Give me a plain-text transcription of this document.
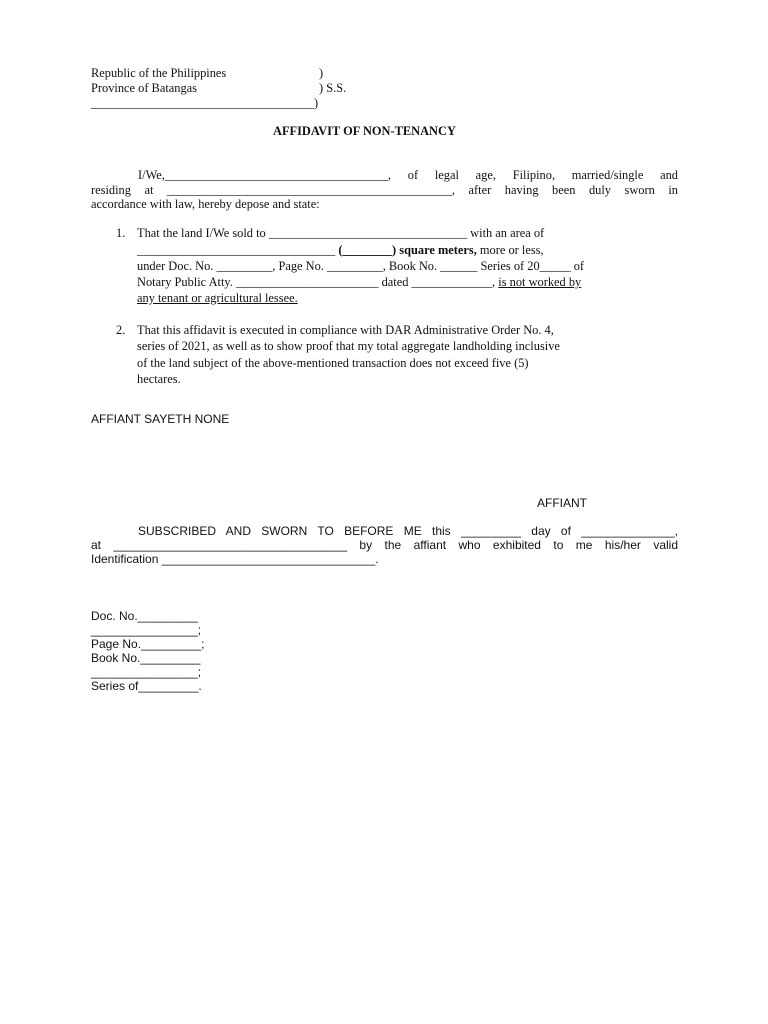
Republic of the Philippines	)
Province of Batangas	) S.S.
____________________________________)
AFFIDAVIT OF NON-TENANCY
I/We,____________________________________, of legal age, Filipino, married/single and
residing at ______________________________________________, after having been duly sworn in
accordance with law, hereby depose and state:
1. That the land I/We sold to ________________________________ with an area of
________________________________ (________) square meters, more or less,
under Doc. No. _________, Page No. _________, Book No. ______ Series of 20_____ of
Notary Public Atty. _______________________ dated _____________, is not worked by
any tenant or agricultural lessee.
2. That this affidavit is executed in compliance with DAR Administrative Order No. 4,
series of 2021, as well as to show proof that my total aggregate landholding inclusive
of the land subject of the above-mentioned transaction does not exceed five (5)
hectares.
AFFIANT SAYETH NONE
AFFIANT
SUBSCRIBED AND SWORN TO BEFORE ME this _________ day of ______________,
at ___________________________________ by the affiant who exhibited to me his/her valid
Identification ________________________________.
Doc. No._________
________________;
Page No._________;
Book No._________
________________;
Series of_________.
